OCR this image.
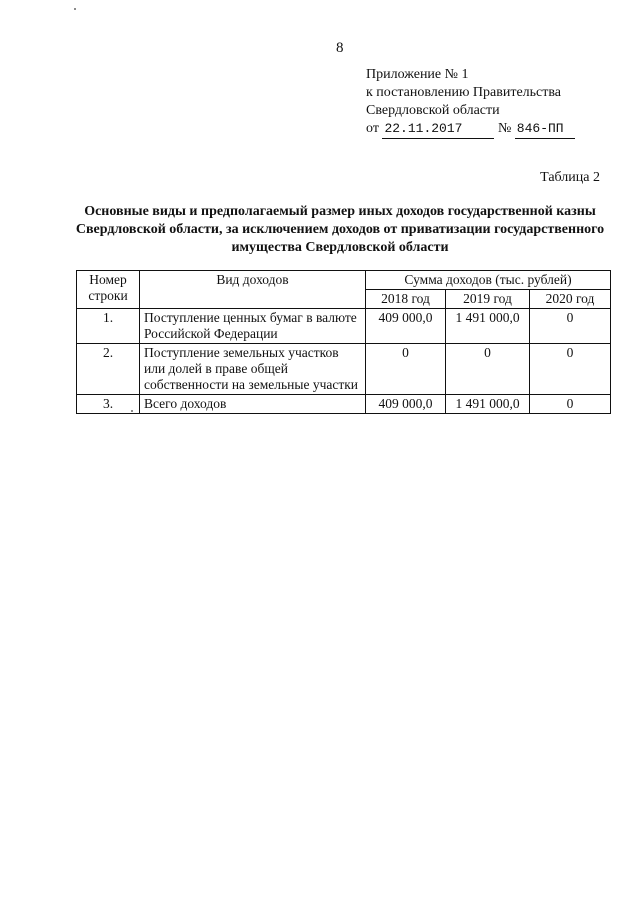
8
Приложение № 1
к постановлению Правительства
Свердловской области
от 22.11.2017	№ 846-ПП
Таблица 2
Основные виды и предполагаемый размер иных доходов государственной казны Свердловской области, за исключением доходов от приватизации государственного имущества Свердловской области
Номер строки	Вид доходов	Сумма доходов (тыс. рублей)		
		2018 год	2019 год	2020 год
1.	Поступление ценных бумаг в валюте Российской Федерации	409 000,0	1 491 000,0	0
2.	Поступление земельных участков или долей в праве общей собственности на земельные участки	0	0	0
3.	Всего доходов	409 000,0	1 491 000,0	0
